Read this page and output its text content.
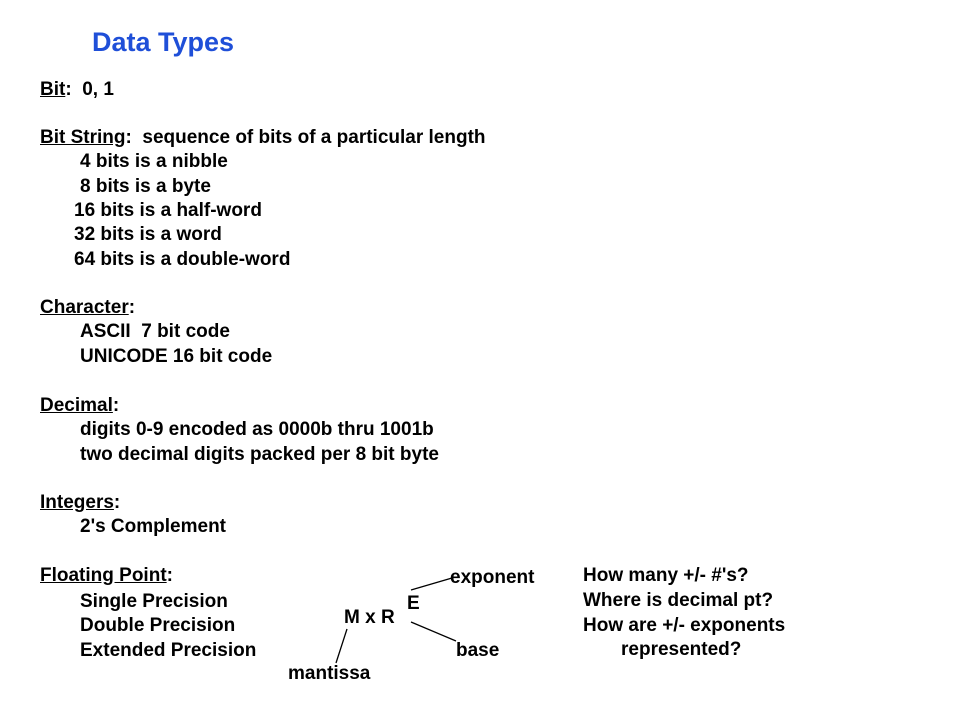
Data Types
Bit:  0, 1
Bit String:  sequence of bits of a particular length
4 bits is a nibble
8 bits is a byte
16 bits is a half-word
32 bits is a word
64 bits is a double-word
Character:
ASCII  7 bit code
UNICODE 16 bit code
Decimal:
digits 0-9 encoded as 0000b thru 1001b
two decimal digits packed per 8 bit byte
Integers:
2's Complement
Floating Point:
Single Precision
Double Precision
Extended Precision
exponent
E
M x R
base
mantissa
How many +/- #'s?
Where is decimal pt?
How are +/- exponents
represented?
